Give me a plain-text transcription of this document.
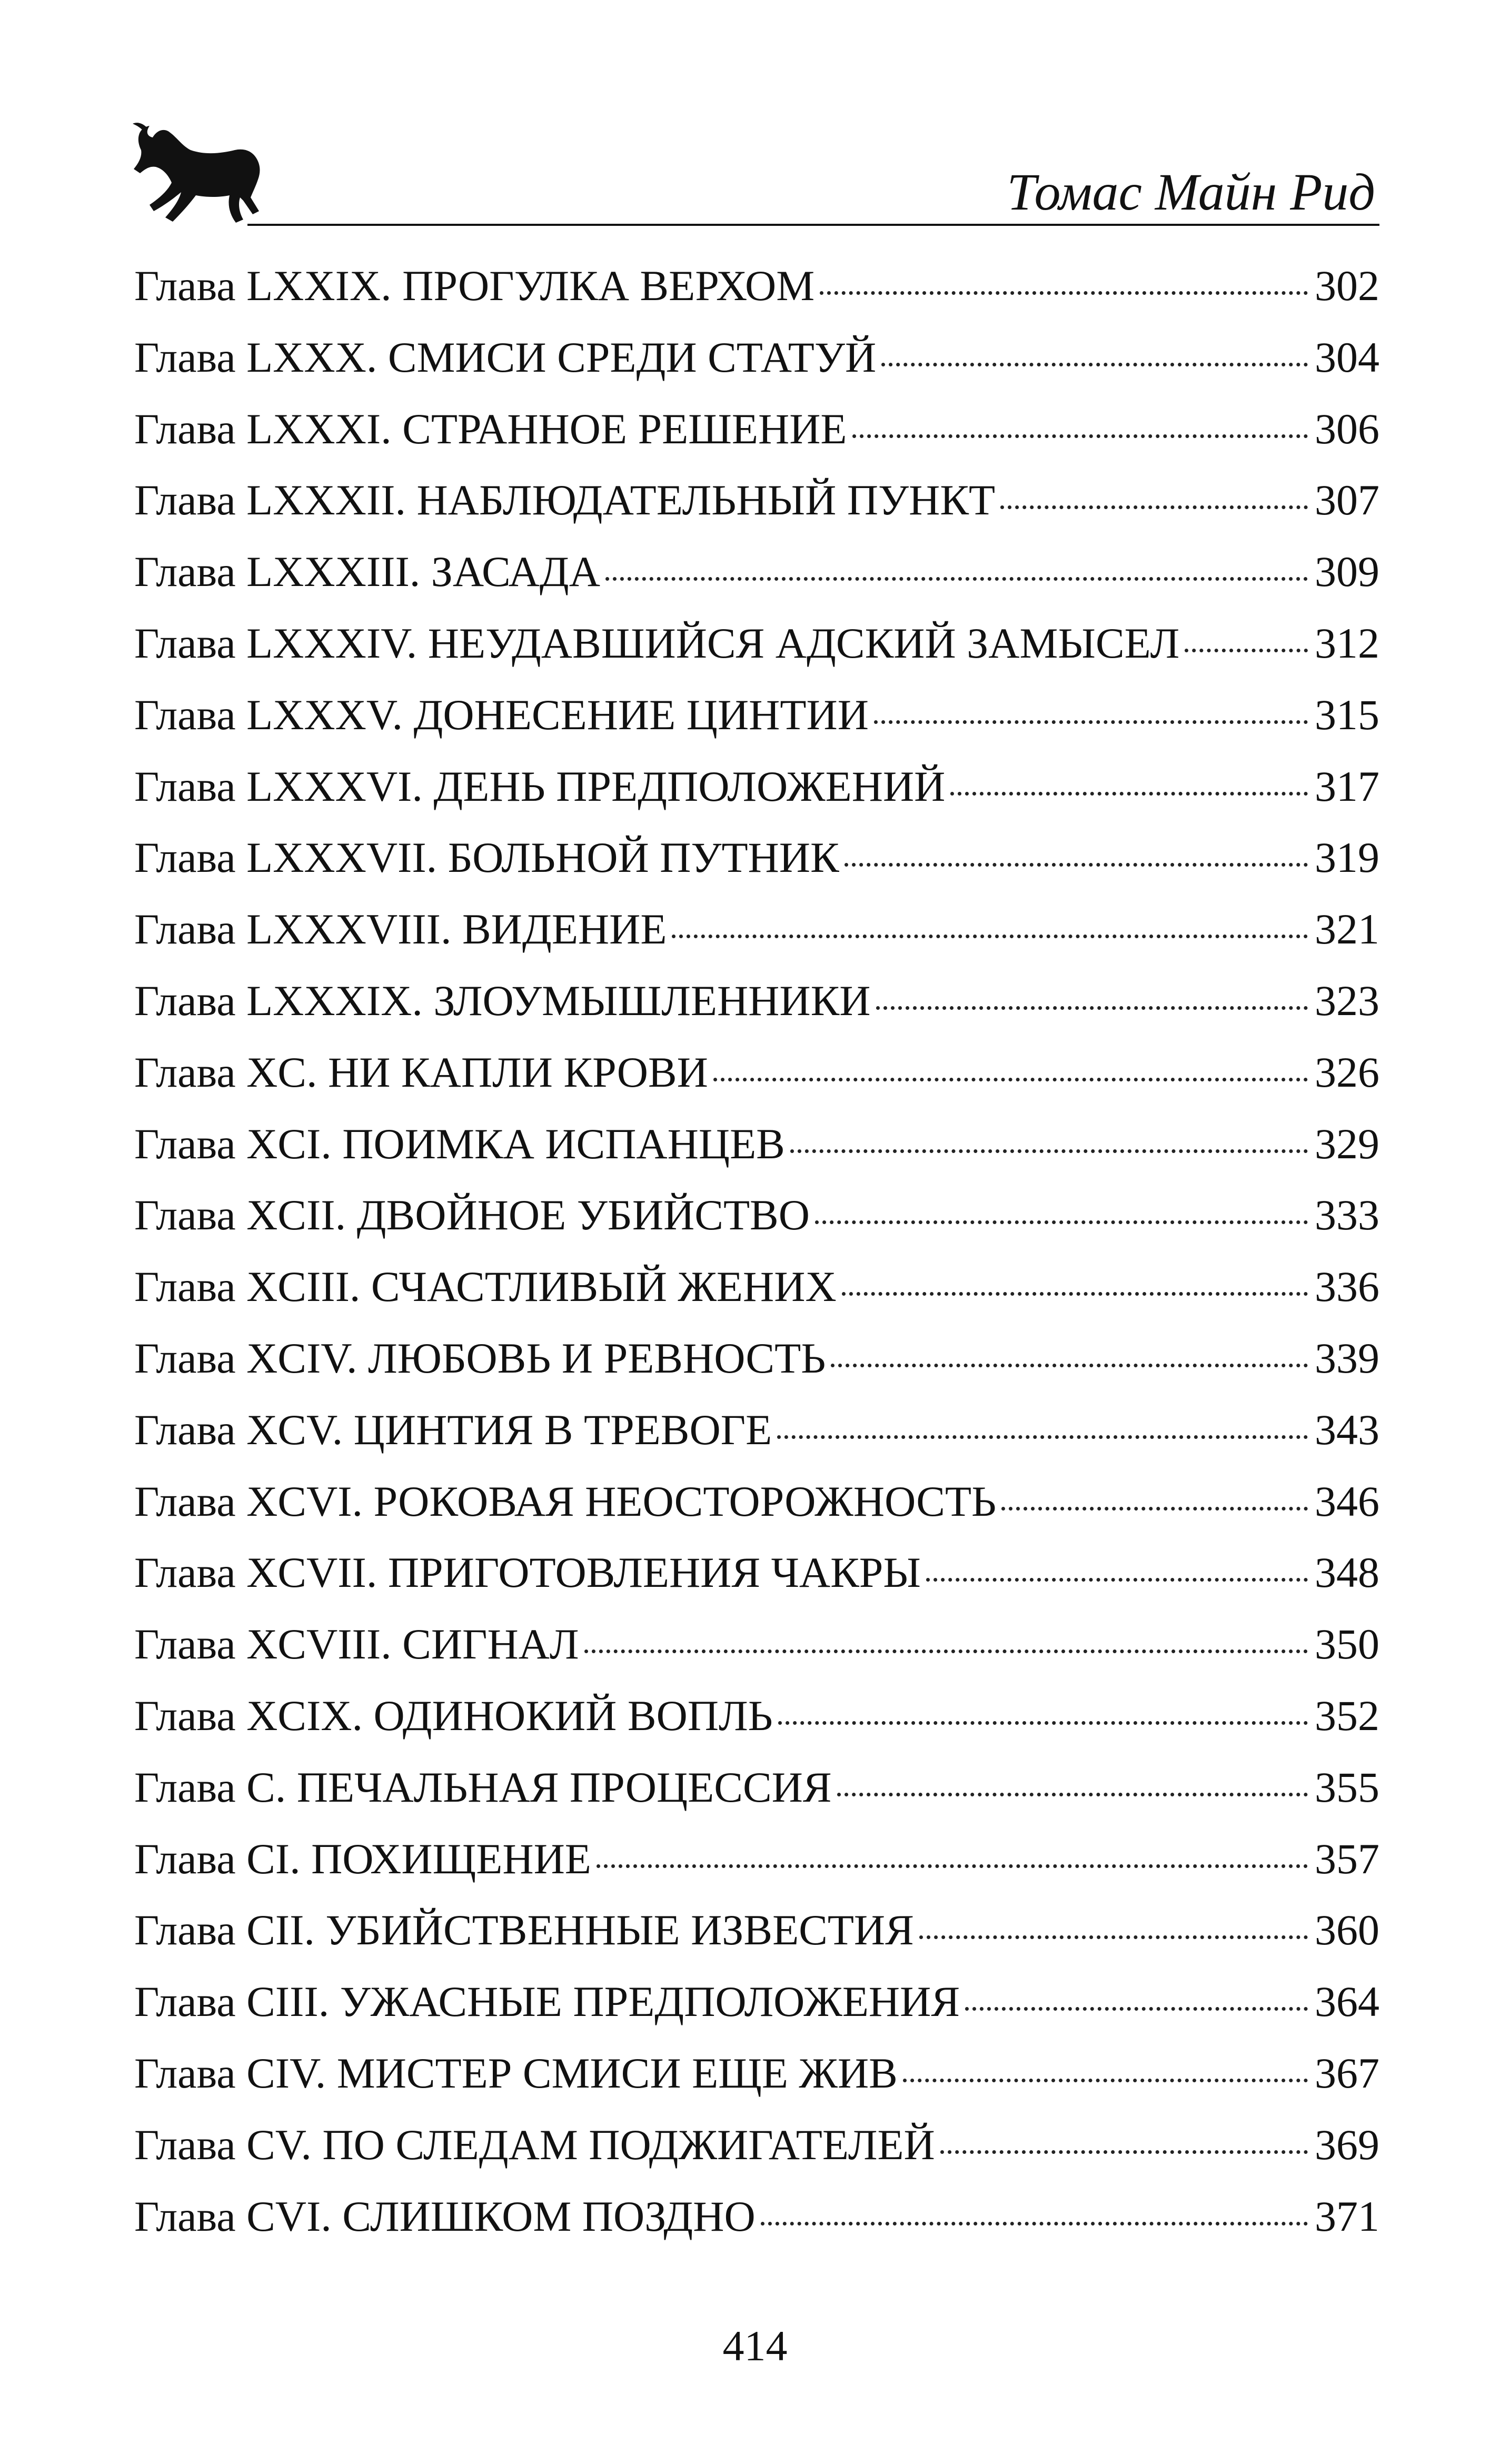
Томас Майн Рид
Глава LXXIX. ПРОГУЛКА ВЕРХОМ	302
Глава LXXX. СМИСИ СРЕДИ СТАТУЙ	304
Глава LXXXI. СТРАННОЕ РЕШЕНИЕ	306
Глава LXXXII. НАБЛЮДАТЕЛЬНЫЙ ПУНКТ	307
Глава LXXXIII. ЗАСАДА	309
Глава LXXXIV. НЕУДАВШИЙСЯ АДСКИЙ ЗАМЫСЕЛ	312
Глава LXXXV. ДОНЕСЕНИЕ ЦИНТИИ	315
Глава LXXXVI. ДЕНЬ ПРЕДПОЛОЖЕНИЙ	317
Глава LXXXVII. БОЛЬНОЙ ПУТНИК	319
Глава LXXXVIII. ВИДЕНИЕ	321
Глава LXXXIX. ЗЛОУМЫШЛЕННИКИ	323
Глава XC. НИ КАПЛИ КРОВИ	326
Глава XCI. ПОИМКА ИСПАНЦЕВ	329
Глава XCII. ДВОЙНОЕ УБИЙСТВО	333
Глава XCIII. СЧАСТЛИВЫЙ ЖЕНИХ	336
Глава XCIV. ЛЮБОВЬ И РЕВНОСТЬ	339
Глава XCV. ЦИНТИЯ В ТРЕВОГЕ	343
Глава XCVI. РОКОВАЯ НЕОСТОРОЖНОСТЬ	346
Глава XCVII. ПРИГОТОВЛЕНИЯ ЧАКРЫ	348
Глава XCVIII. СИГНАЛ	350
Глава XCIX. ОДИНОКИЙ ВОПЛЬ	352
Глава C. ПЕЧАЛЬНАЯ ПРОЦЕССИЯ	355
Глава CI. ПОХИЩЕНИЕ	357
Глава CII. УБИЙСТВЕННЫЕ ИЗВЕСТИЯ	360
Глава CIII. УЖАСНЫЕ ПРЕДПОЛОЖЕНИЯ	364
Глава CIV. МИСТЕР СМИСИ ЕЩЕ ЖИВ	367
Глава CV. ПО СЛЕДАМ ПОДЖИГАТЕЛЕЙ	369
Глава CVI. СЛИШКОМ ПОЗДНО	371
414
